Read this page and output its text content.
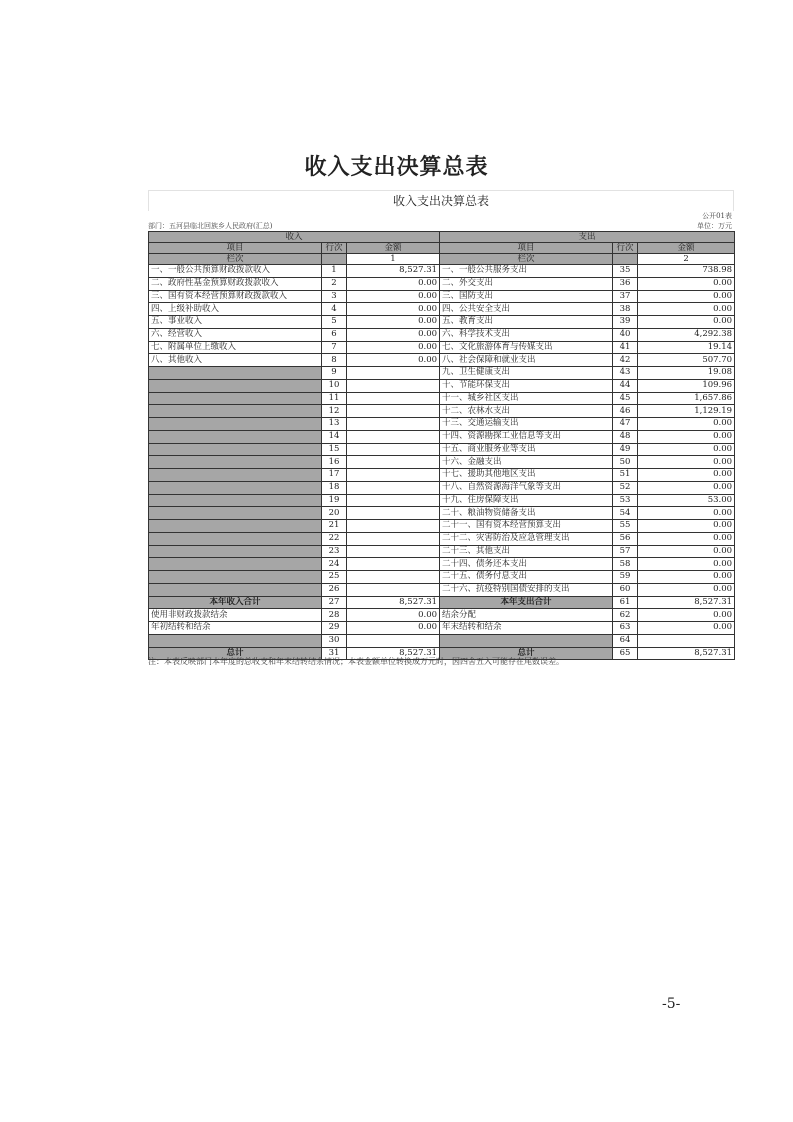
收入支出决算总表
收入支出决算总表
公开01表
部门：五河县临北回族乡人民政府(汇总)	单位：万元
收入			支出		
项目	行次	金额	项目	行次	金额
栏次		1	栏次		2
一、一般公共预算财政拨款收入	1	8,527.31	一、一般公共服务支出	35	738.98
二、政府性基金预算财政拨款收入	2	0.00	二、外交支出	36	0.00
三、国有资本经营预算财政拨款收入	3	0.00	三、国防支出	37	0.00
四、上级补助收入	4	0.00	四、公共安全支出	38	0.00
五、事业收入	5	0.00	五、教育支出	39	0.00
六、经营收入	6	0.00	六、科学技术支出	40	4,292.38
七、附属单位上缴收入	7	0.00	七、文化旅游体育与传媒支出	41	19.14
八、其他收入	8	0.00	八、社会保障和就业支出	42	507.70
	9		九、卫生健康支出	43	19.08
	10		十、节能环保支出	44	109.96
	11		十一、城乡社区支出	45	1,657.86
	12		十二、农林水支出	46	1,129.19
	13		十三、交通运输支出	47	0.00
	14		十四、资源勘探工业信息等支出	48	0.00
	15		十五、商业服务业等支出	49	0.00
	16		十六、金融支出	50	0.00
	17		十七、援助其他地区支出	51	0.00
	18		十八、自然资源海洋气象等支出	52	0.00
	19		十九、住房保障支出	53	53.00
	20		二十、粮油物资储备支出	54	0.00
	21		二十一、国有资本经营预算支出	55	0.00
	22		二十二、灾害防治及应急管理支出	56	0.00
	23		二十三、其他支出	57	0.00
	24		二十四、债务还本支出	58	0.00
	25		二十五、债务付息支出	59	0.00
	26		二十六、抗疫特别国债安排的支出	60	0.00
本年收入合计	27	8,527.31	本年支出合计	61	8,527.31
使用非财政拨款结余	28	0.00	结余分配	62	0.00
年初结转和结余	29	0.00	年末结转和结余	63	0.00
	30			64	
总计	31	8,527.31	总计	65	8,527.31
注：本表反映部门本年度的总收支和年末结转结余情况；本表金额单位转换成万元时，因四舍五入可能存在尾数误差。
-5-
